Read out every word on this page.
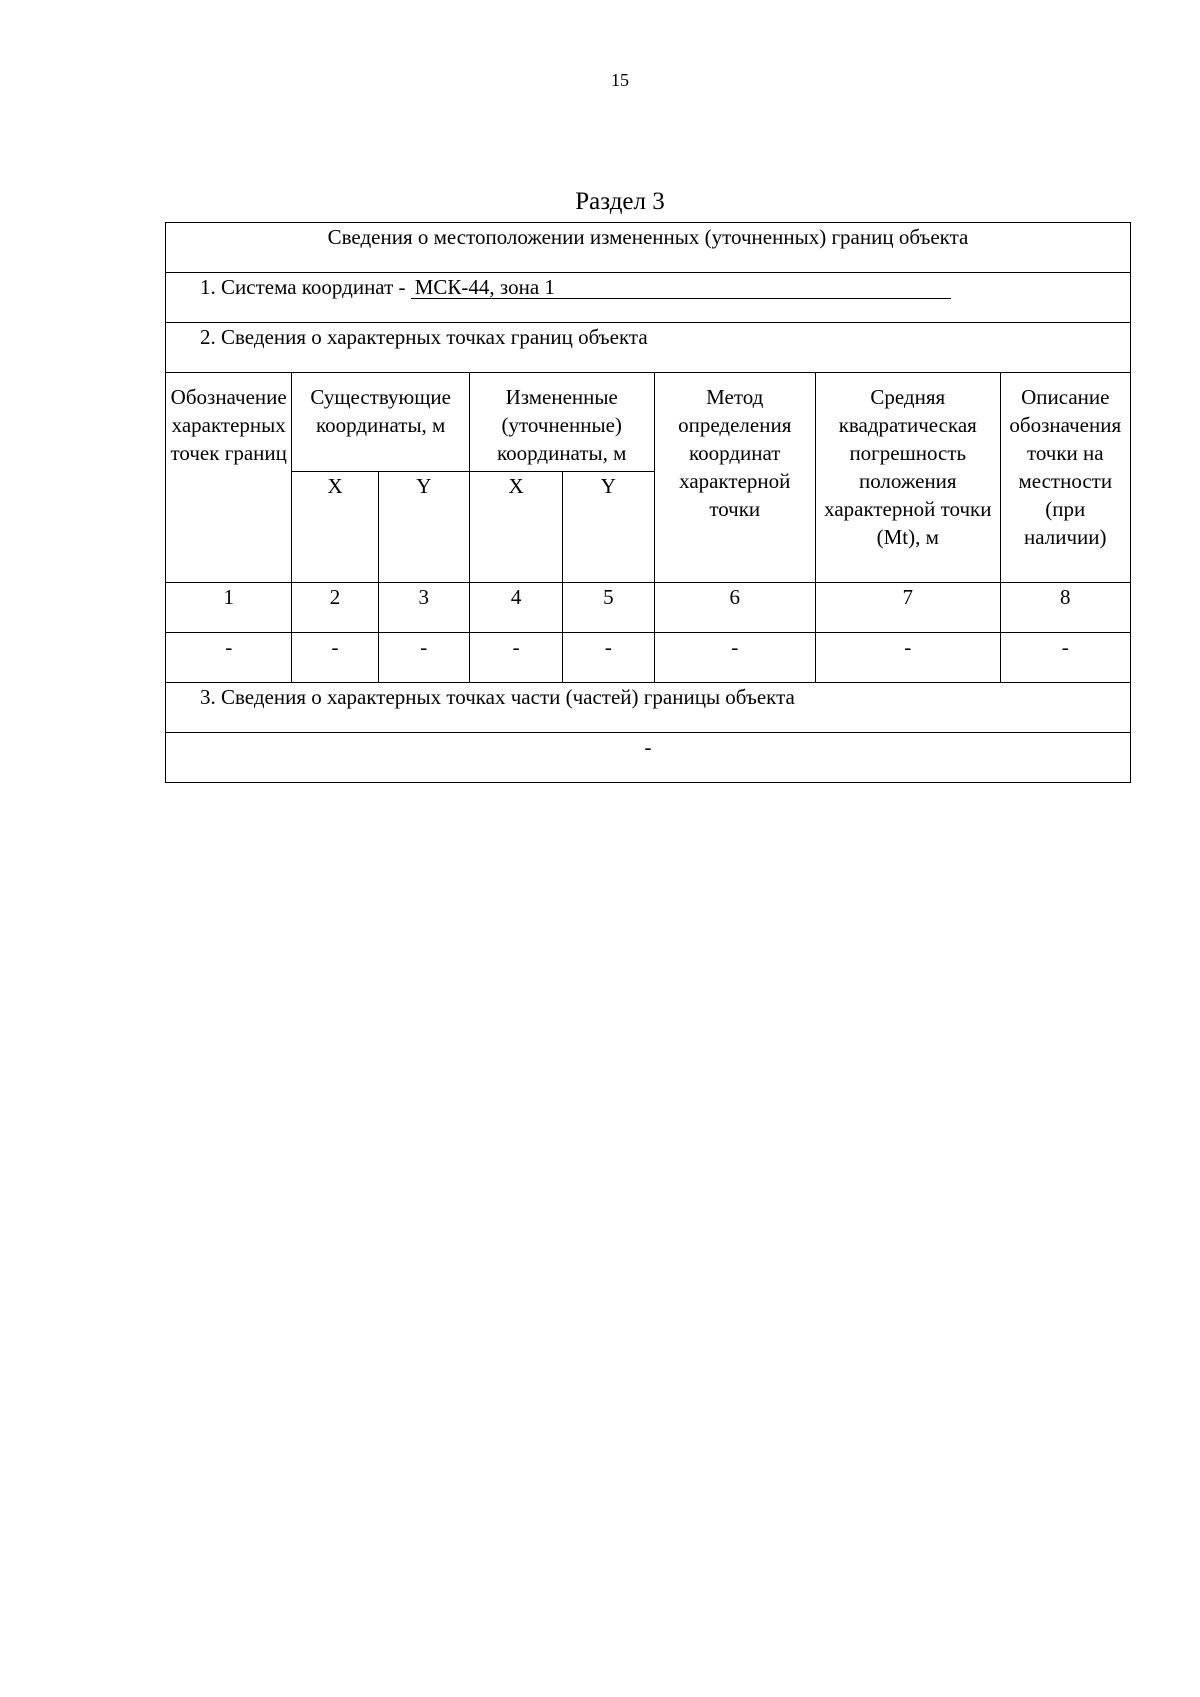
15
Раздел 3
Сведения о местоположении измененных (уточненных) границ объекта							
1. Система координат - МСК-44, зона 1							
2. Сведения о характерных точках границ объекта							
Обозначение характерных точек границ	Существующие координаты, м		Измененные (уточненные) координаты, м		Метод определения координат характерной точки	Средняя квадратическая погрешность положения характерной точки (Mt), м	Описание обозначения точки на местности (при наличии)
	X	Y	X	Y			
1	2	3	4	5	6	7	8
-	-	-	-	-	-	-	-
3. Сведения о характерных точках части (частей) границы объекта							
-							
